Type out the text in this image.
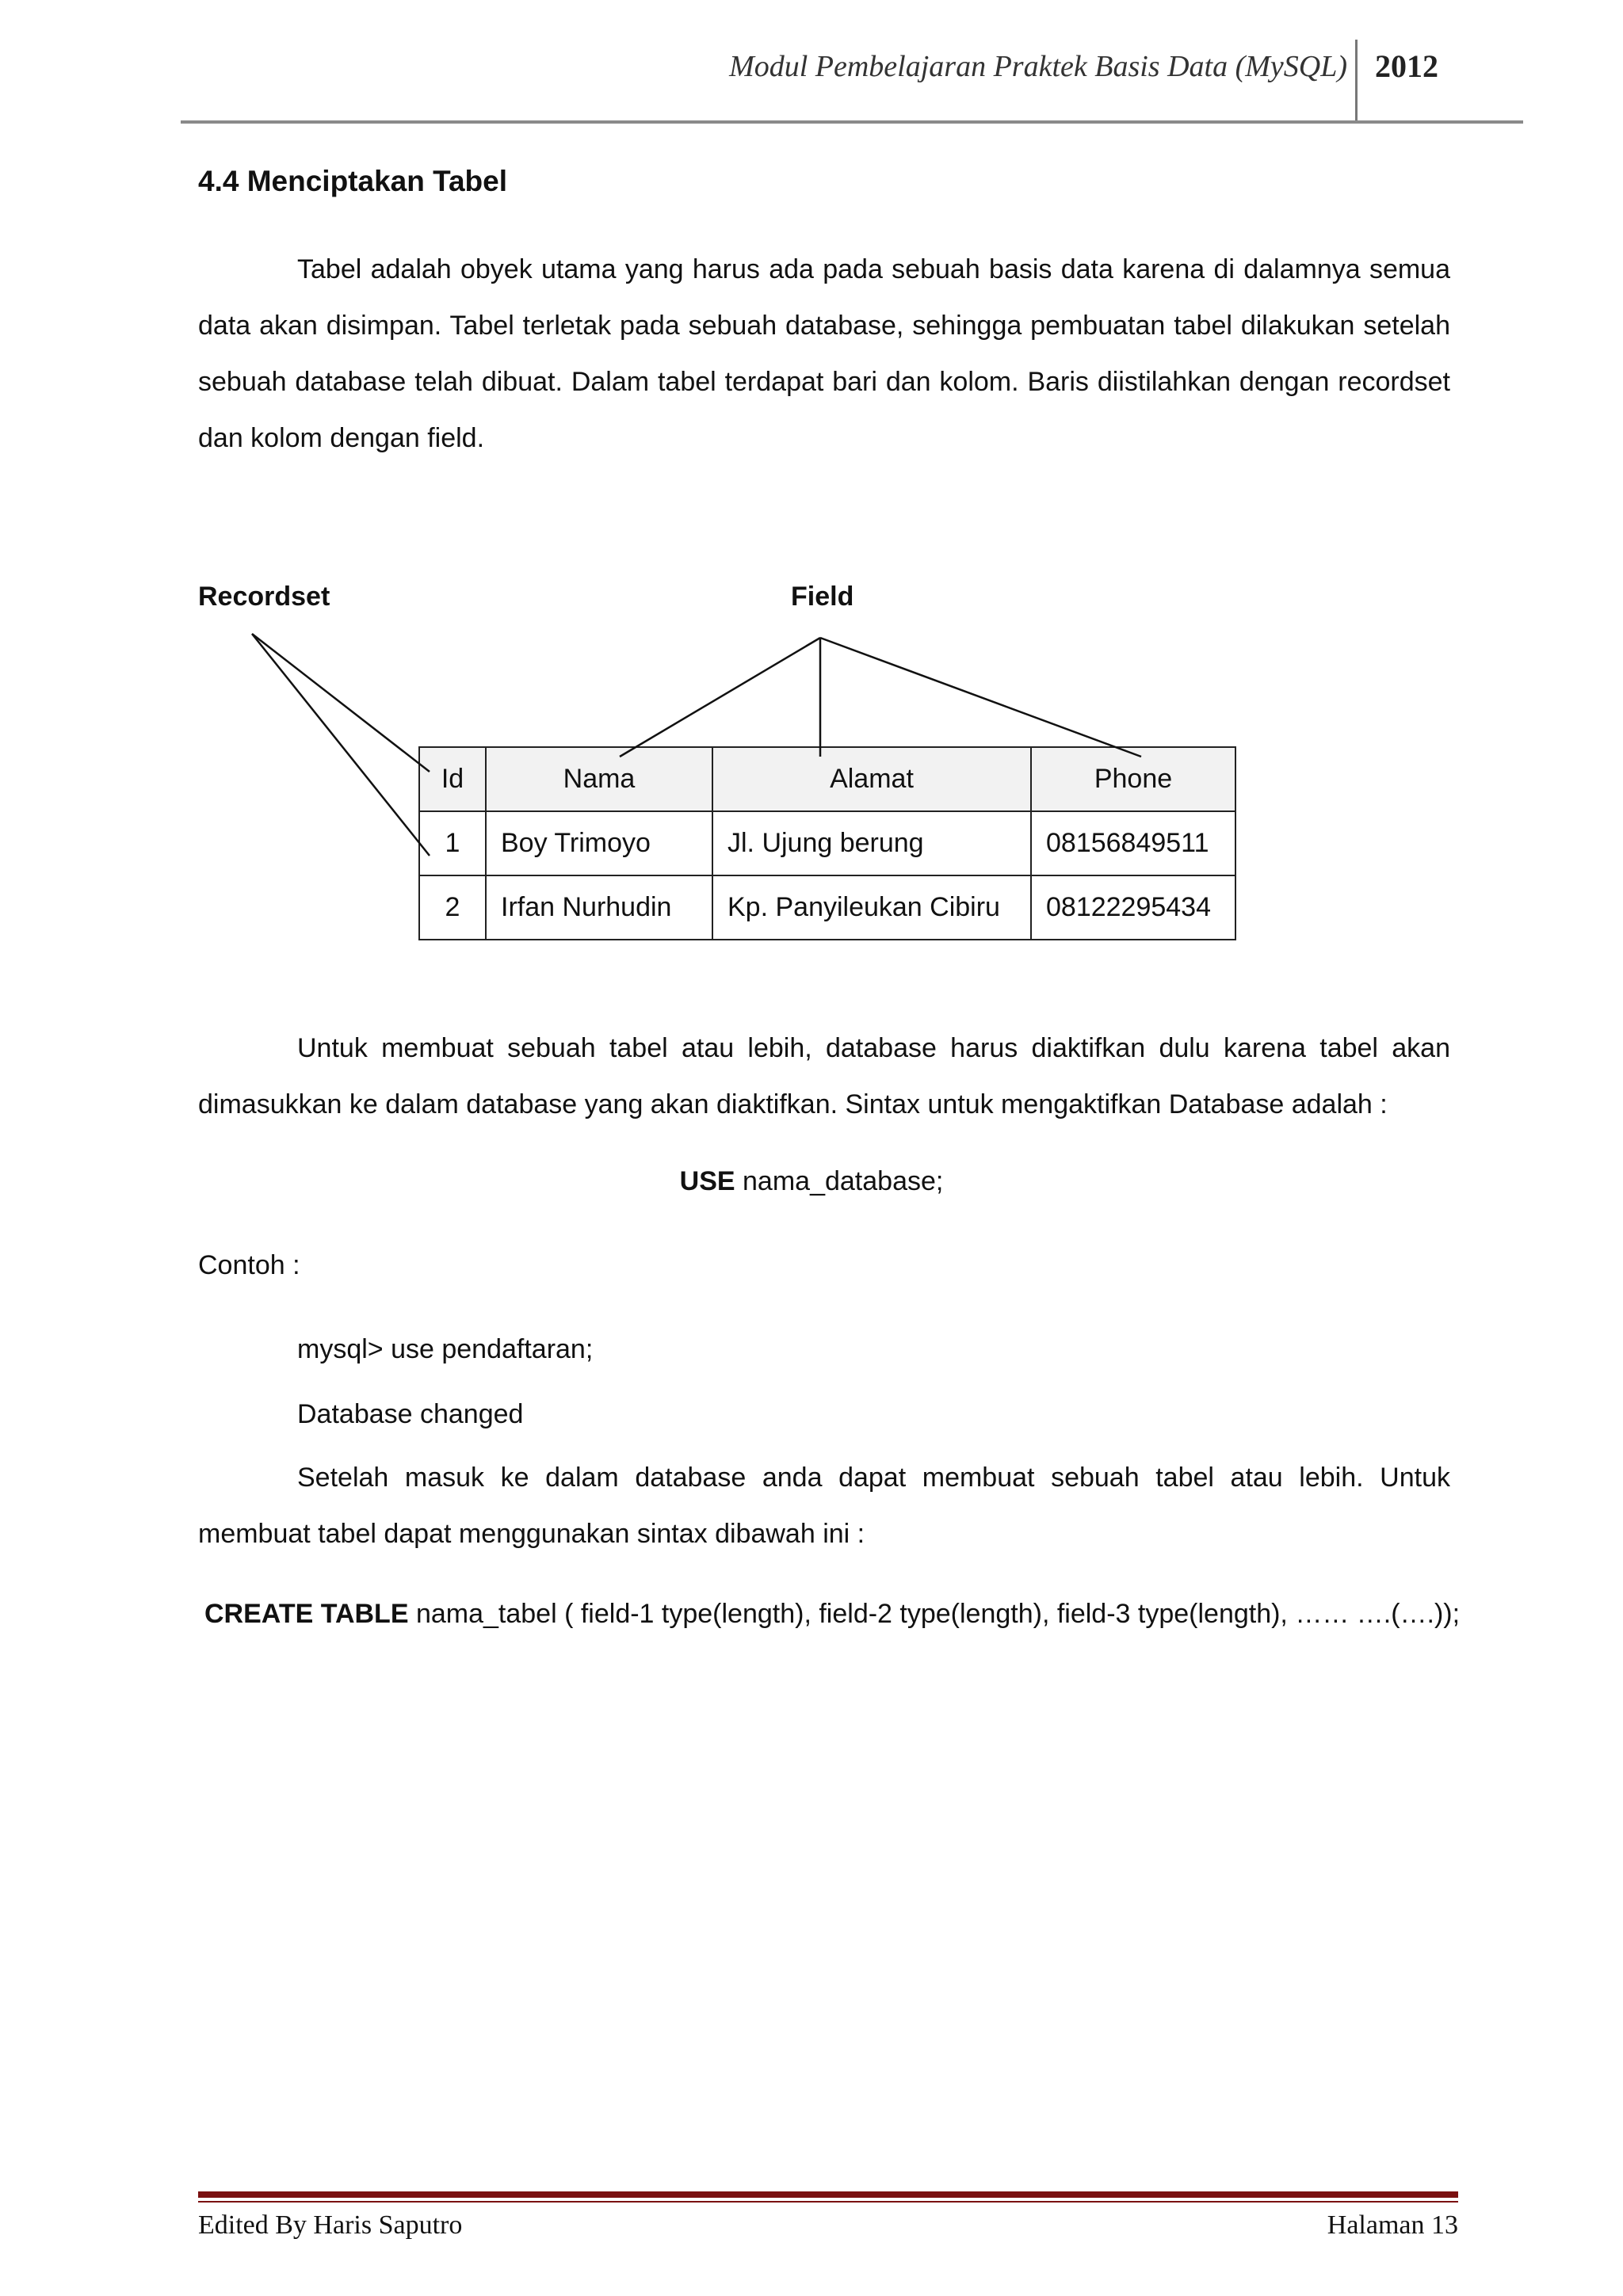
Modul Pembelajaran Praktek Basis Data (MySQL) 2012
4.4 Menciptakan Tabel
Tabel adalah obyek utama yang harus ada pada sebuah basis data karena di dalamnya semua data akan disimpan. Tabel terletak pada sebuah database, sehingga pembuatan tabel dilakukan setelah sebuah database telah dibuat. Dalam tabel terdapat bari dan kolom. Baris diistilahkan dengan recordset dan kolom dengan field.
Recordset	Field
Id	Nama	Alamat	Phone
1	Boy Trimoyo	Jl. Ujung berung	08156849511
2	Irfan Nurhudin	Kp. Panyileukan Cibiru	08122295434
Untuk membuat sebuah tabel atau lebih, database harus diaktifkan dulu karena tabel akan dimasukkan ke dalam database yang akan diaktifkan. Sintax untuk mengaktifkan Database adalah :
USE nama_database;
Contoh :
mysql> use pendaftaran;
Database changed
Setelah masuk ke dalam database anda dapat membuat sebuah tabel atau lebih. Untuk membuat tabel dapat menggunakan sintax dibawah ini :
CREATE TABLE nama_tabel ( field-1 type(length), field-2 type(length), field-3 type(length), …… ….(….));
Edited By Haris Saputro	Halaman 13
